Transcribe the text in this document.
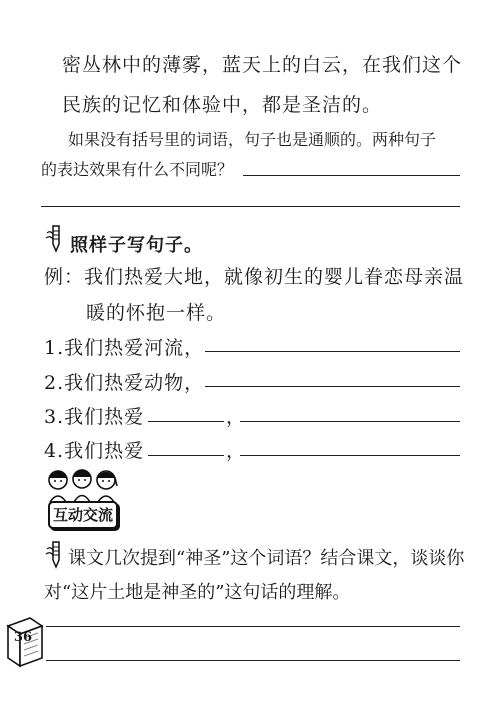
密丛林中的薄雾，蓝天上的白云，在我们这个
民族的记忆和体验中，都是圣洁的。
如果没有括号里的词语，句子也是通顺的。两种句子
的表达效果有什么不同呢？
照样子写句子。
例：我们热爱大地，就像初生的婴儿眷恋母亲温
暖的怀抱一样。
1.我们热爱河流，
2.我们热爱动物，
3.我们热爱	，
4.我们热爱	，
互动交流
课文几次提到“神圣”这个词语？结合课文，谈谈你
对“这片土地是神圣的”这句话的理解。
36
